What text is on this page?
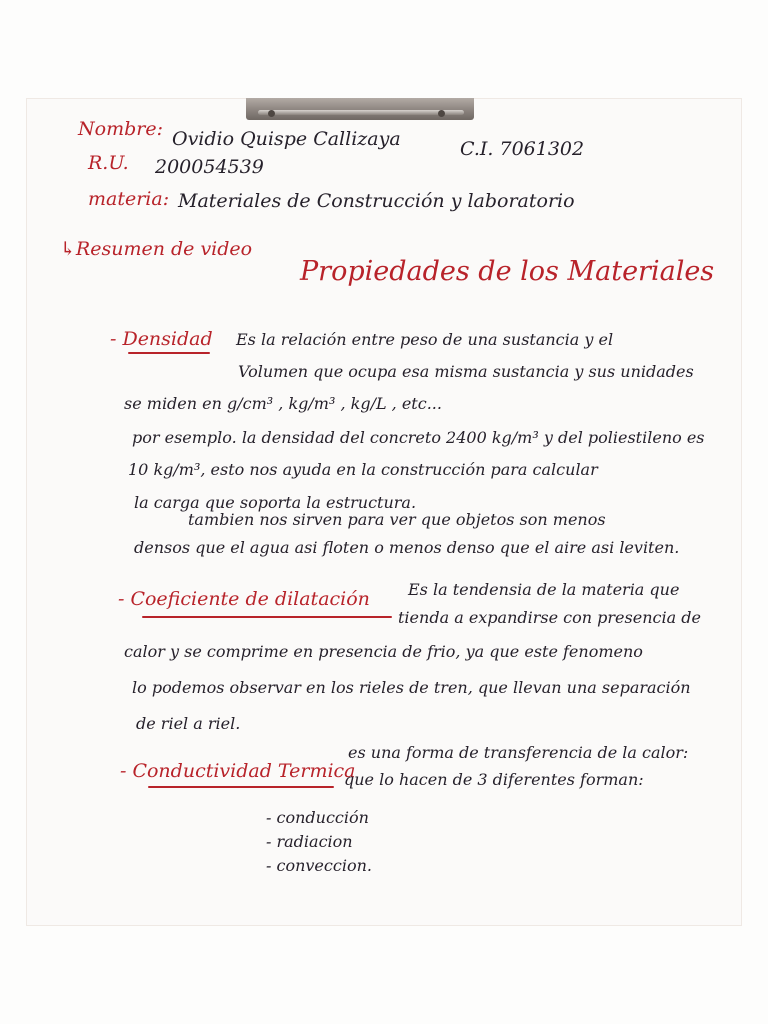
Nombre: Ovidio Quispe Callizaya	C.I. 7061302
R.U. 200054539
materia: Materiales de Construcción y laboratorio
↳Resumen de video
Propiedades de los Materiales
- Densidad Es la relación entre peso de una sustancia y el
Volumen que ocupa esa misma sustancia y sus unidades
se miden en g/cm³ , kg/m³ , kg/L , etc...
por esemplo. la densidad del concreto 2400 kg/m³ y del poliestileno es
10 kg/m³, esto nos ayuda en la construcción para calcular
la carga que soporta la estructura.
tambien nos sirven para ver que objetos son menos
densos que el agua asi floten o menos denso que el aire asi leviten.
- Coeficiente de dilatación Es la tendensia de la materia que
tienda a expandirse con presencia de
calor y se comprime en presencia de frio, ya que este fenomeno
lo podemos observar en los rieles de tren, que llevan una separación
de riel a riel.
- Conductividad Termica
es una forma de transferencia de la calor:
que lo hacen de 3 diferentes forman:
- conducción
- radiacion
- conveccion.
